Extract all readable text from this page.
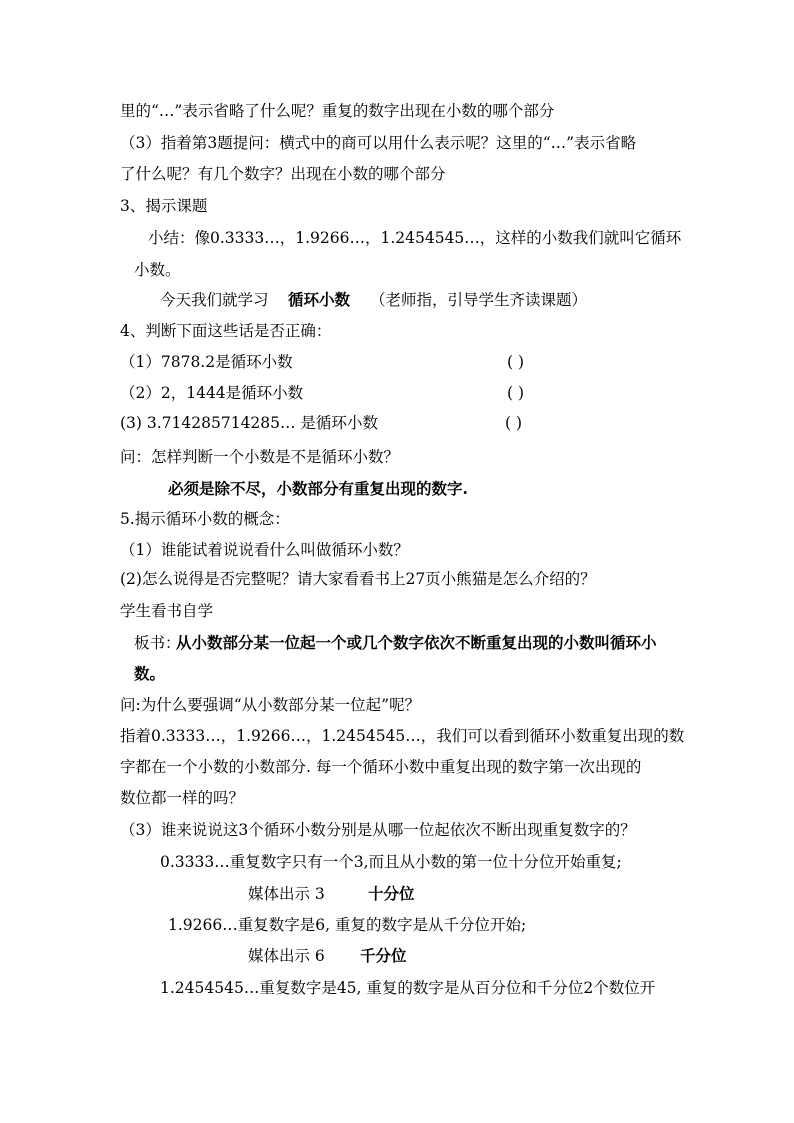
里的“…”表示省略了什么呢？重复的数字出现在小数的哪个部分
（3）指着第3题提问：横式中的商可以用什么表示呢？这里的“…”表示省略
了什么呢？有几个数字？出现在小数的哪个部分
3、揭示课题
小结：像0.3333…，1.9266…，1.2454545…，这样的小数我们就叫它循环
小数。
今天我们就学习 循环小数 （老师指，引导学生齐读课题）
4、判断下面这些话是否正确：
（1）7878.2是循环小数	( )
（2）2，1444是循环小数	( )
(3) 3.714285714285… 是循环小数	( )
问：怎样判断一个小数是不是循环小数？
必须是除不尽，小数部分有重复出现的数字.
5.揭示循环小数的概念：
（1）谁能试着说说看什么叫做循环小数？
(2)怎么说得是否完整呢？请大家看看书上27页小熊猫是怎么介绍的？
学生看书自学
板书：
从小数部分某一位起一个或几个数字依次不断重复出现的小数叫循环小
数。
问:为什么要强调“从小数部分某一位起”呢？
指着0.3333…，1.9266…，1.2454545…，我们可以看到循环小数重复出现的数
字都在一个小数的小数部分. 每一个循环小数中重复出现的数字第一次出现的
数位都一样的吗？
（3）谁来说说这3个循环小数分别是从哪一位起依次不断出现重复数字的？
0.3333…重复数字只有一个3,而且从小数的第一位十分位开始重复;
媒体出示 3	十分位
1.9266…重复数字是6, 重复的数字是从千分位开始;
媒体出示 6 千分位
1.2454545…重复数字是45, 重复的数字是从百分位和千分位2个数位开
